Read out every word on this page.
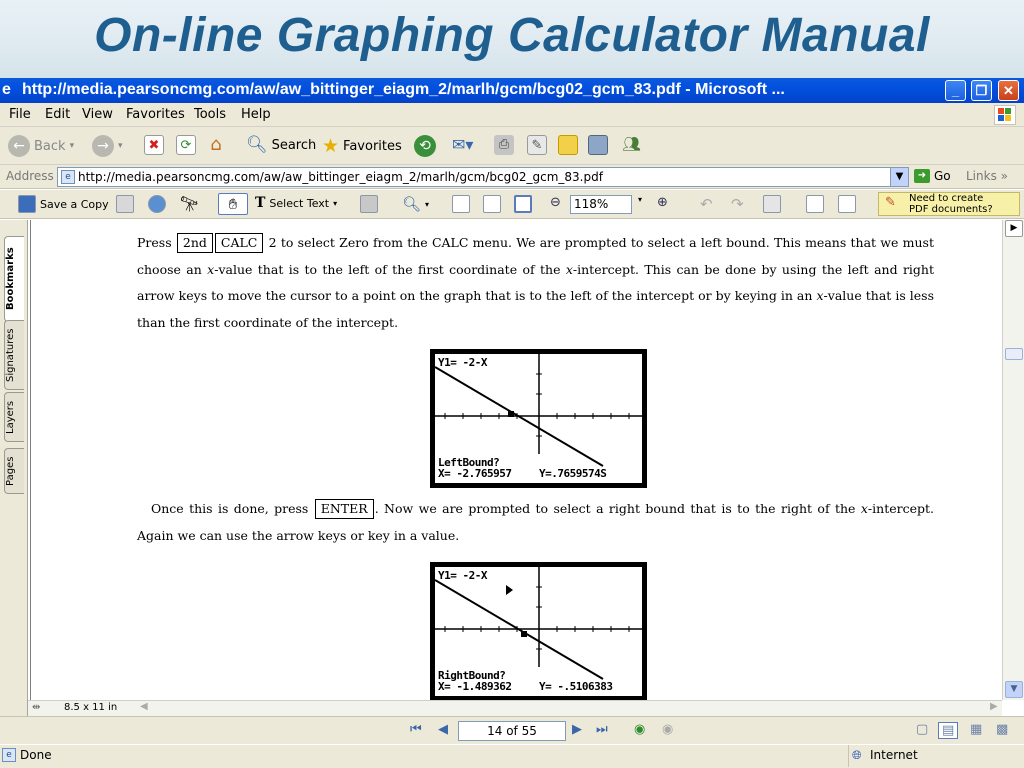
On-line Graphing Calculator Manual
e http://media.pearsoncmg.com/aw/aw_bittinger_eiagm_2/marlh/gcm/bcg02_gcm_83.pdf - Microsoft ...	_	❐	✕
File Edit View Favorites Tools Help
← Back ▾	→	▾	✖	⟳ ⌂ 🔍︎ Search ★ Favorites	⟲	✉▾	⎙	✎	👥︎
Address	e http://media.pearsoncmg.com/aw/aw_bittinger_eiagm_2/marlh/gcm/bcg02_gcm_83.pdf	▼	➜ Go Links »
Save a Copy	🔭︎	✋︎	T Select Text ▾	🔍︎ ▾	⊖	118%	▾ ⊕ ↶ ↷	✎ Need to create
PDF documents?
Bookmarks
Signatures
Layers
Pages
Press 2nd CALC 2 to select Zero from the CALC menu. We are prompted to select a left bound. This means that we must choose an x-value that is to the left of the first coordinate of the x-intercept. This can be done by using the left and right arrow keys to move the cursor to a point on the graph that is to the left of the intercept or by keying in an x-value that is less than the first coordinate of the intercept.
Y1= -2-X
LeftBound?
X= -2.765957	Y=.7659574S
Once this is done, press ENTER . Now we are prompted to select a right bound that is to the right of the x-intercept. Again we can use the arrow keys or key in a value.
Y1= -2-X
RightBound?
X= -1.489362	Y= -.5106383
▶
▼
⇹ 8.5 x 11 in ◀	▶
⏮ ◀	14 of 55	▶ ⏭ ◉ ◉	▢	▤	▦ ▩
e Done	🌐︎ Internet
